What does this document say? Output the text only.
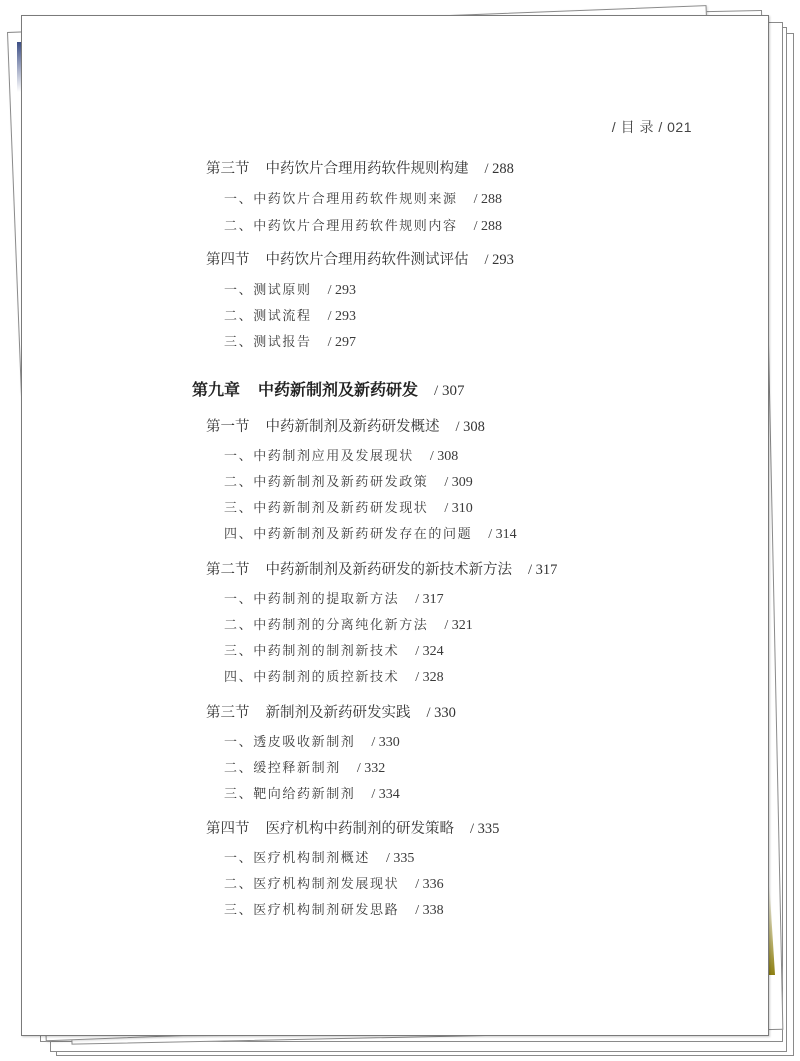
/ 目 录 / 021
第三节 中药饮片合理用药软件规则构建 / 288
一、中药饮片合理用药软件规则来源 / 288
二、中药饮片合理用药软件规则内容 / 288
第四节 中药饮片合理用药软件测试评估 / 293
一、测试原则 / 293
二、测试流程 / 293
三、测试报告 / 297
第九章 中药新制剂及新药研发 / 307
第一节 中药新制剂及新药研发概述 / 308
一、中药制剂应用及发展现状 / 308
二、中药新制剂及新药研发政策 / 309
三、中药新制剂及新药研发现状 / 310
四、中药新制剂及新药研发存在的问题 / 314
第二节 中药新制剂及新药研发的新技术新方法 / 317
一、中药制剂的提取新方法 / 317
二、中药制剂的分离纯化新方法 / 321
三、中药制剂的制剂新技术 / 324
四、中药制剂的质控新技术 / 328
第三节 新制剂及新药研发实践 / 330
一、透皮吸收新制剂 / 330
二、缓控释新制剂 / 332
三、靶向给药新制剂 / 334
第四节 医疗机构中药制剂的研发策略 / 335
一、医疗机构制剂概述 / 335
二、医疗机构制剂发展现状 / 336
三、医疗机构制剂研发思路 / 338
